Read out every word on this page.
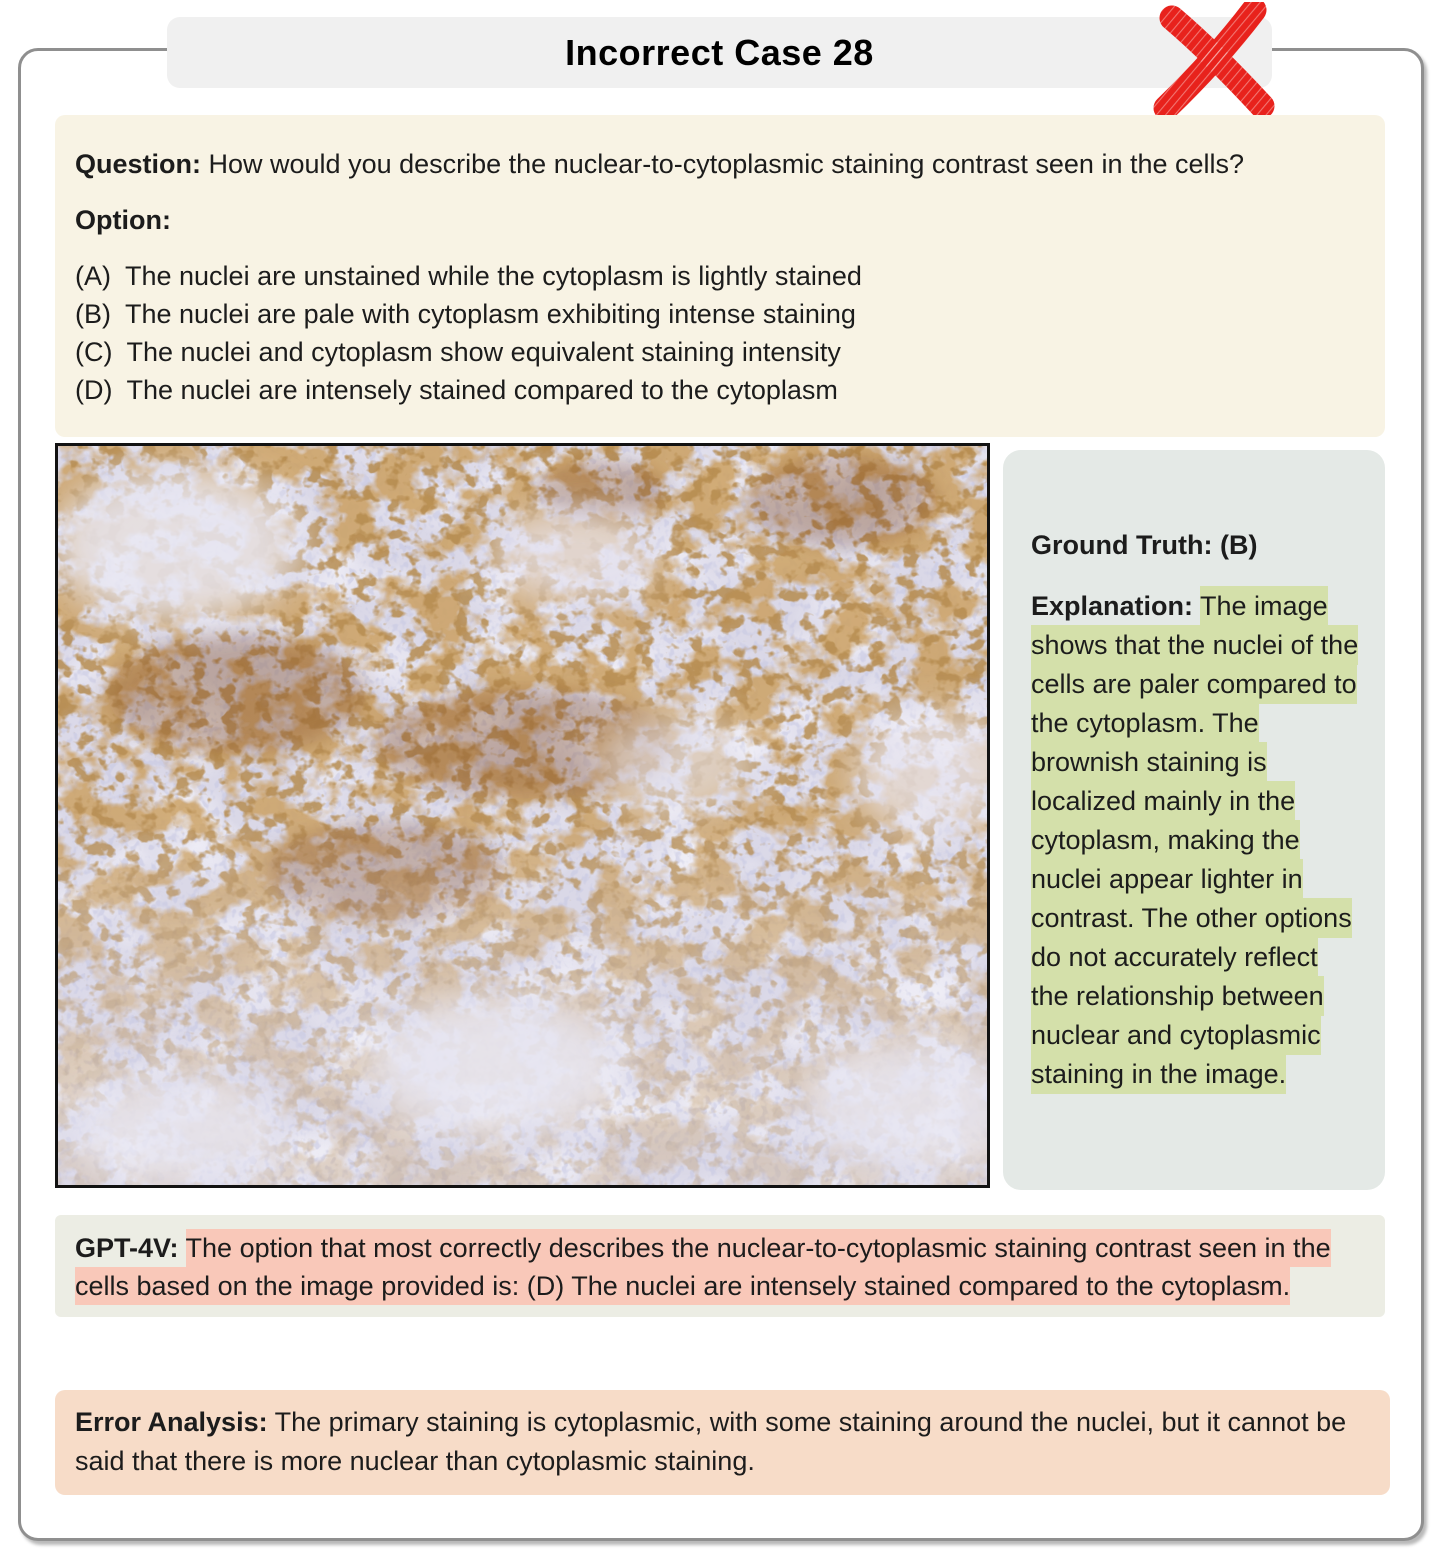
Incorrect Case 28

Question: How would you describe the nuclear-to-cytoplasmic staining contrast seen in the cells?

Option:

(A) The nuclei are unstained while the cytoplasm is lightly stained
(B) The nuclei are pale with cytoplasm exhibiting intense staining
(C) The nuclei and cytoplasm show equivalent staining intensity
(D) The nuclei are intensely stained compared to the cytoplasm

Ground Truth: (B)

Explanation: The image shows that the nuclei of the cells are paler compared to the cytoplasm. The brownish staining is localized mainly in the cytoplasm, making the nuclei appear lighter in contrast. The other options do not accurately reflect the relationship between nuclear and cytoplasmic staining in the image.

GPT-4V: The option that most correctly describes the nuclear-to-cytoplasmic staining contrast seen in the cells based on the image provided is: (D) The nuclei are intensely stained compared to the cytoplasm.

Error Analysis: The primary staining is cytoplasmic, with some staining around the nuclei, but it cannot be said that there is more nuclear than cytoplasmic staining.
